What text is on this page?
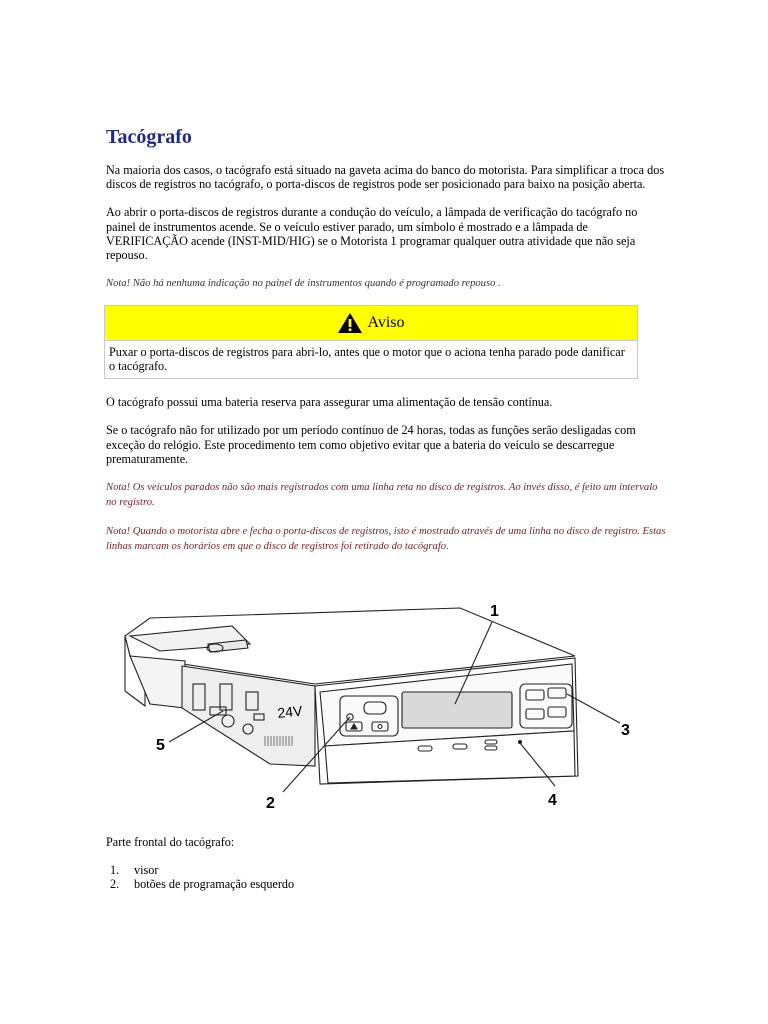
Tacógrafo

Na maioria dos casos, o tacógrafo está situado na gaveta acima do banco do motorista. Para simplificar a troca dos discos de registros no tacógrafo, o porta-discos de registros pode ser posicionado para baixo na posição aberta.

Ao abrir o porta-discos de registros durante a condução do veículo, a lâmpada de verificação do tacógrafo no painel de instrumentos acende. Se o veículo estiver parado, um símbolo é mostrado e a lâmpada de VERIFICAÇÃO acende (INST-MID/HIG) se o Motorista 1 programar qualquer outra atividade que não seja repouso.

Nota! Não há nenhuma indicação no painel de instrumentos quando é programado repouso .

Aviso
Puxar o porta-discos de registros para abri-lo, antes que o motor que o aciona tenha parado pode danificar o tacógrafo.

O tacógrafo possui uma bateria reserva para assegurar uma alimentação de tensão contínua.

Se o tacógrafo não for utilizado por um período contínuo de 24 horas, todas as funções serão desligadas com exceção do relógio. Este procedimento tem como objetivo evitar que a bateria do veículo se descarregue prematuramente.

Nota! Os veículos parados não são mais registrados com uma linha reta no disco de registros. Ao invés disso, é feito um intervalo no registro.

Nota! Quando o motorista abre e fecha o porta-discos de registros, isto é mostrado através de uma linha no disco de registro. Estas linhas marcam os horários em que o disco de registros foi retirado do tacógrafo.

1
2
3
4
5
24V
Parte frontal do tacógrafo:
1.	visor
2.	botões de programação esquerdo
